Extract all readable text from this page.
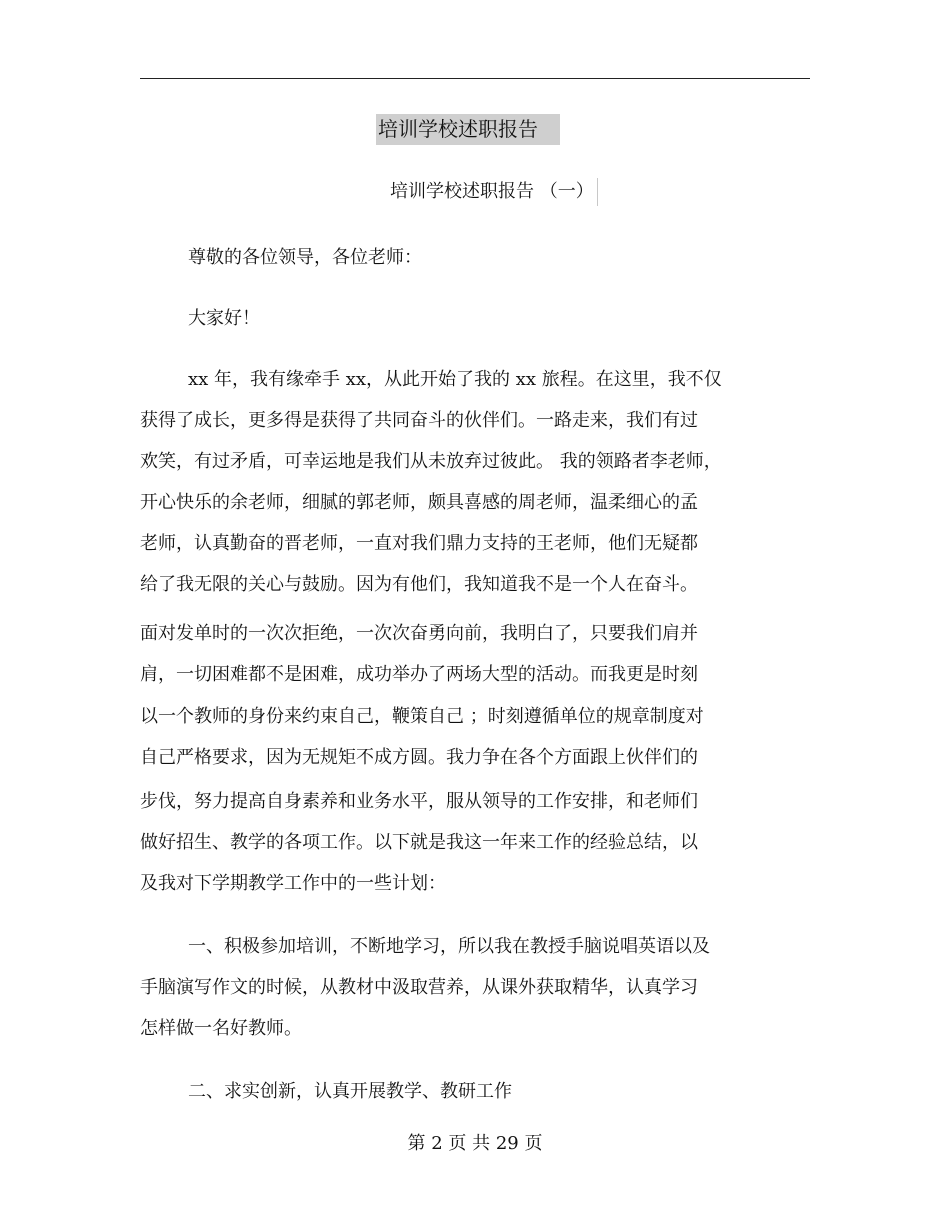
培训学校述职报告
培训学校述职报告 （一）
尊敬的各位领导，各位老师：
大家好！
xx 年，我有缘牵手 xx，从此开始了我的 xx 旅程。在这里，我不仅
获得了成长，更多得是获得了共同奋斗的伙伴们。一路走来，我们有过
欢笑，有过矛盾，可幸运地是我们从未放弃过彼此。 我的领路者李老师，
开心快乐的余老师，细腻的郭老师，颇具喜感的周老师，温柔细心的孟
老师，认真勤奋的晋老师，一直对我们鼎力支持的王老师，他们无疑都
给了我无限的关心与鼓励。因为有他们，我知道我不是一个人在奋斗。
面对发单时的一次次拒绝，一次次奋勇向前，我明白了，只要我们肩并
肩，一切困难都不是困难，成功举办了两场大型的活动。而我更是时刻
以一个教师的身份来约束自己，鞭策自己 ；时刻遵循单位的规章制度对
自己严格要求，因为无规矩不成方圆。我力争在各个方面跟上伙伴们的
步伐，努力提高自身素养和业务水平，服从领导的工作安排，和老师们
做好招生、教学的各项工作。以下就是我这一年来工作的经验总结，以
及我对下学期教学工作中的一些计划：
一、积极参加培训，不断地学习，所以我在教授手脑说唱英语以及
手脑演写作文的时候，从教材中汲取营养，从课外获取精华，认真学习
怎样做一名好教师。
二、求实创新，认真开展教学、教研工作
第 2 页 共 29 页
